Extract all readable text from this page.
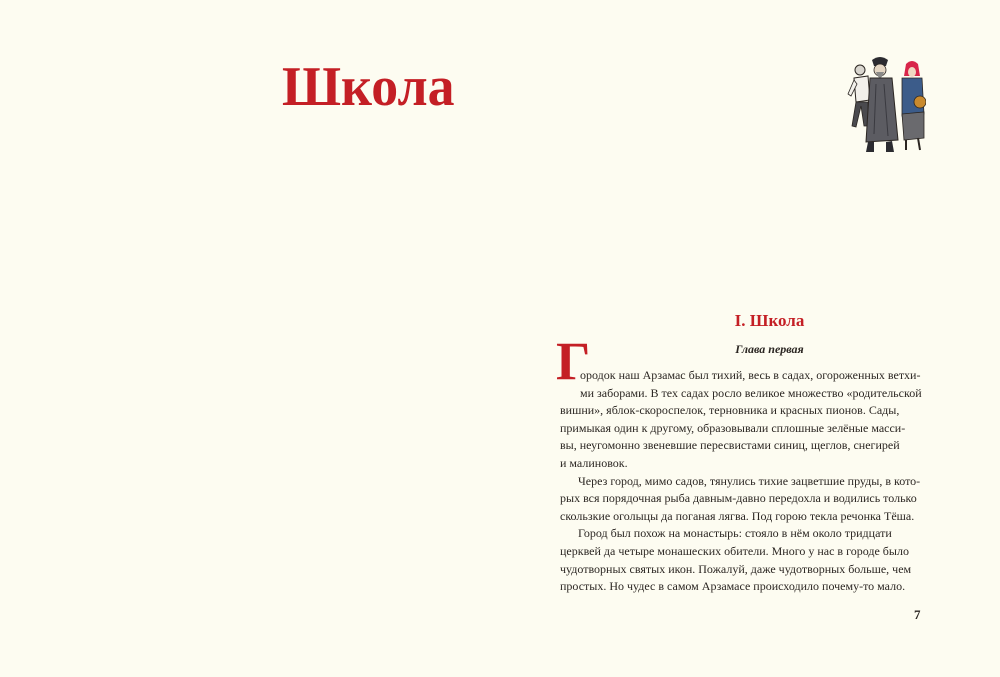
Школа
I. Школа
Глава первая
Г
ородок наш Арзамас был тихий, весь в садах, огороженных ветхи-
ми заборами. В тех садах росло великое множество «родительской
вишни», яблок-скороспелок, терновника и красных пионов. Сады,
примыкая один к другому, образовывали сплошные зелёные масси-
вы, неугомонно звеневшие пересвистами синиц, щеглов, снегирей
и малиновок.
Через город, мимо садов, тянулись тихие зацветшие пруды, в кото-
рых вся порядочная рыба давным-давно передохла и водились только
скользкие оголыцы да поганая лягва. Под горою текла речонка Тёша.
Город был похож на монастырь: стояло в нём около тридцати
церквей да четыре монашеских обители. Много у нас в городе было
чудотворных святых икон. Пожалуй, даже чудотворных больше, чем
простых. Но чудес в самом Арзамасе происходило почему-то мало.
7
